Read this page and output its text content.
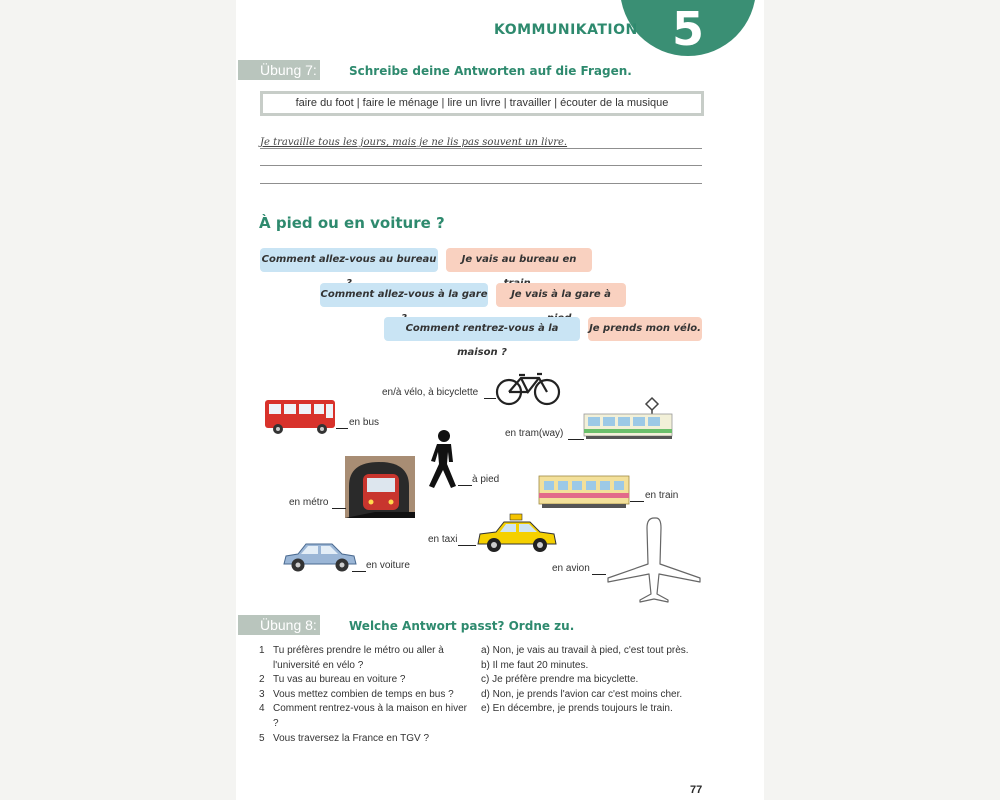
5
KOMMUNIKATION
Übung 7:	Schreibe deine Antworten auf die Fragen.
faire du foot | faire le ménage | lire un livre | travailler | écouter de la musique
Je travaille tous les jours, mais je ne lis pas souvent un livre.
À pied ou en voiture ?
Comment allez-vous au bureau	Je vais au bureau en
Comment allez-vous à la gare	Je vais à la gare à
Comment rentrez-vous à la maison ?
Je prends mon vélo.
en/à vélo, à bicyclette
en bus
en tram(way)
à pied
en métro
en train
en taxi
en voiture	en avion
Übung 8:	Welche Antwort passt? Ordne zu.
1 Tu préfères prendre le métro ou aller à l'université en vélo ?
2 Tu vas au bureau en voiture ?
3 Vous mettez combien de temps en bus ?
4 Comment rentrez-vous à la maison en hiver ?
5 Vous traversez la France en TGV ?
a) Non, je vais au travail à pied, c'est tout près.
b) Il me faut 20 minutes.
c) Je préfère prendre ma bicyclette.
d) Non, je prends l'avion car c'est moins cher.
e) En décembre, je prends toujours le train.
77
